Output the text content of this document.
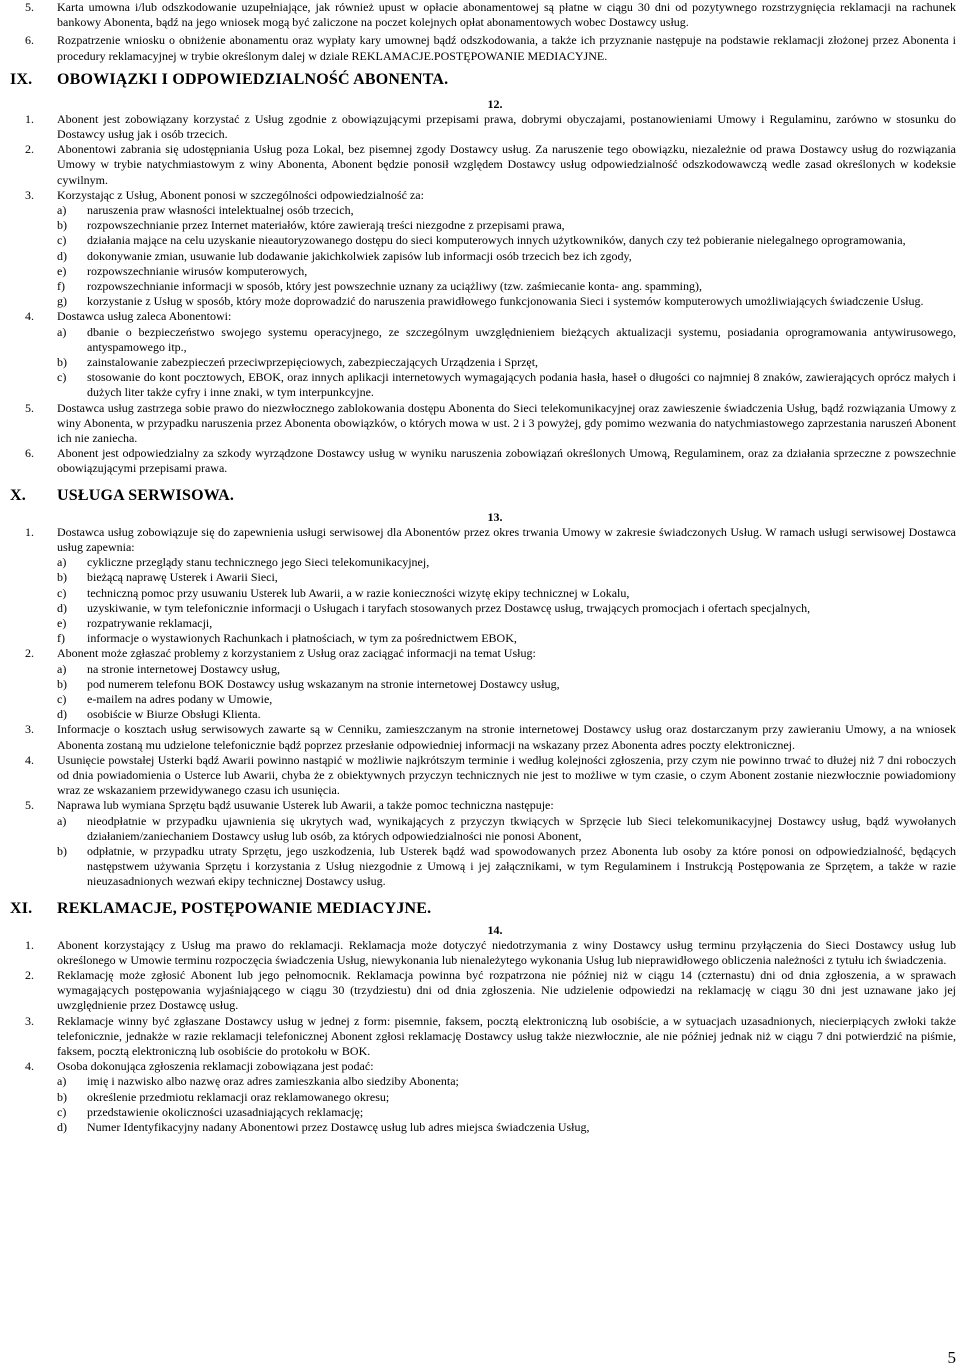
5. Karta umowna i/lub odszkodowanie uzupełniające, jak również upust w opłacie abonamentowej są płatne w ciągu 30 dni od pozytywnego rozstrzygnięcia reklamacji na rachunek bankowy Abonenta, bądź na jego wniosek mogą być zaliczone na poczet kolejnych opłat abonamentowych wobec Dostawcy usług.
6. Rozpatrzenie wniosku o obniżenie abonamentu oraz wypłaty kary umownej bądź odszkodowania, a także ich przyznanie następuje na podstawie reklamacji złożonej przez Abonenta i procedury reklamacyjnej w trybie określonym dalej w dziale REKLAMACJE.POSTĘPOWANIE MEDIACYJNE.
IX. OBOWIĄZKI I ODPOWIEDZIALNOŚĆ ABONENTA.
12.
1. Abonent jest zobowiązany korzystać z Usług zgodnie z obowiązującymi przepisami prawa, dobrymi obyczajami, postanowieniami Umowy i Regulaminu, zarówno w stosunku do Dostawcy usług jak i osób trzecich.
2. Abonentowi zabrania się udostępniania Usług poza Lokal, bez pisemnej zgody Dostawcy usług. Za naruszenie tego obowiązku, niezależnie od prawa Dostawcy usług do rozwiązania Umowy w trybie natychmiastowym z winy Abonenta, Abonent będzie ponosił względem Dostawcy usług odpowiedzialność odszkodowawczą wedle zasad określonych w kodeksie cywilnym.
3. Korzystając z Usług, Abonent ponosi w szczególności odpowiedzialność za:
a) naruszenia praw własności intelektualnej osób trzecich,
b) rozpowszechnianie przez Internet materiałów, które zawierają treści niezgodne z przepisami prawa,
c) działania mające na celu uzyskanie nieautoryzowanego dostępu do sieci komputerowych innych użytkowników, danych czy też pobieranie nielegalnego oprogramowania,
d) dokonywanie zmian, usuwanie lub dodawanie jakichkolwiek zapisów lub informacji osób trzecich bez ich zgody,
e) rozpowszechnianie wirusów komputerowych,
f) rozpowszechnianie informacji w sposób, który jest powszechnie uznany za uciążliwy (tzw. zaśmiecanie konta- ang. spamming),
g) korzystanie z Usług w sposób, który może doprowadzić do naruszenia prawidłowego funkcjonowania Sieci i systemów komputerowych umożliwiających świadczenie Usług.
4. Dostawca usług zaleca Abonentowi:
a) dbanie o bezpieczeństwo swojego systemu operacyjnego, ze szczególnym uwzględnieniem bieżących aktualizacji systemu, posiadania oprogramowania antywirusowego, antyspamowego itp.,
b) zainstalowanie zabezpieczeń przeciwprzepięciowych, zabezpieczających Urządzenia i Sprzęt,
c) stosowanie do kont pocztowych, EBOK, oraz innych aplikacji internetowych wymagających podania hasła, haseł o długości co najmniej 8 znaków, zawierających oprócz małych i dużych liter także cyfry i inne znaki, w tym interpunkcyjne.
5. Dostawca usług zastrzega sobie prawo do niezwłocznego zablokowania dostępu Abonenta do Sieci telekomunikacyjnej oraz zawieszenie świadczenia Usług, bądź rozwiązania Umowy z winy Abonenta, w przypadku naruszenia przez Abonenta obowiązków, o których mowa w ust. 2 i 3 powyżej, gdy pomimo wezwania do natychmiastowego zaprzestania naruszeń Abonent ich nie zaniecha.
6. Abonent jest odpowiedzialny za szkody wyrządzone Dostawcy usług w wyniku naruszenia zobowiązań określonych Umową, Regulaminem, oraz za działania sprzeczne z powszechnie obowiązującymi przepisami prawa.
X. USŁUGA SERWISOWA.
13.
1. Dostawca usług zobowiązuje się do zapewnienia usługi serwisowej dla Abonentów przez okres trwania Umowy w zakresie świadczonych Usług. W ramach usługi serwisowej Dostawca usług zapewnia:
a) cykliczne przeglądy stanu technicznego jego Sieci telekomunikacyjnej,
b) bieżącą naprawę Usterek i Awarii Sieci,
c) techniczną pomoc przy usuwaniu Usterek lub Awarii, a w razie konieczności wizytę ekipy technicznej w Lokalu,
d) uzyskiwanie, w tym telefonicznie informacji o Usługach i taryfach stosowanych przez Dostawcę usług, trwających promocjach i ofertach specjalnych,
e) rozpatrywanie reklamacji,
f) informacje o wystawionych Rachunkach i płatnościach, w tym za pośrednictwem EBOK,
2. Abonent może zgłaszać problemy z korzystaniem z Usług oraz zaciągać informacji na temat Usług:
a) na stronie internetowej Dostawcy usług,
b) pod numerem telefonu BOK Dostawcy usług wskazanym na stronie internetowej Dostawcy usług,
c) e-mailem na adres podany w Umowie,
d) osobiście w Biurze Obsługi Klienta.
3. Informacje o kosztach usług serwisowych zawarte są w Cenniku, zamieszczanym na stronie internetowej Dostawcy usług oraz dostarczanym przy zawieraniu Umowy, a na wniosek Abonenta zostaną mu udzielone telefonicznie bądź poprzez przesłanie odpowiedniej informacji na wskazany przez Abonenta adres poczty elektronicznej.
4. Usunięcie powstałej Usterki bądź Awarii powinno nastąpić w możliwie najkrótszym terminie i według kolejności zgłoszenia, przy czym nie powinno trwać to dłużej niż 7 dni roboczych od dnia powiadomienia o Usterce lub Awarii, chyba że z obiektywnych przyczyn technicznych nie jest to możliwe w tym czasie, o czym Abonent zostanie niezwłocznie powiadomiony wraz ze wskazaniem przewidywanego czasu ich usunięcia.
5. Naprawa lub wymiana Sprzętu bądź usuwanie Usterek lub Awarii, a także pomoc techniczna następuje:
a) nieodpłatnie w przypadku ujawnienia się ukrytych wad, wynikających z przyczyn tkwiących w Sprzęcie lub Sieci telekomunikacyjnej Dostawcy usług, bądź wywołanych działaniem/zaniechaniem Dostawcy usług lub osób, za których odpowiedzialności nie ponosi Abonent,
b) odpłatnie, w przypadku utraty Sprzętu, jego uszkodzenia, lub Usterek bądź wad spowodowanych przez Abonenta lub osoby za które ponosi on odpowiedzialność, będących następstwem używania Sprzętu i korzystania z Usług niezgodnie z Umową i jej załącznikami, w tym Regulaminem i Instrukcją Postępowania ze Sprzętem, a także w razie nieuzasadnionych wezwań ekipy technicznej Dostawcy usług.
XI. REKLAMACJE, POSTĘPOWANIE MEDIACYJNE.
14.
1. Abonent korzystający z Usług ma prawo do reklamacji. Reklamacja może dotyczyć niedotrzymania z winy Dostawcy usług terminu przyłączenia do Sieci Dostawcy usług lub określonego w Umowie terminu rozpoczęcia świadczenia Usług, niewykonania lub nienależytego wykonania Usług lub nieprawidłowego obliczenia należności z tytułu ich świadczenia.
2. Reklamację może zgłosić Abonent lub jego pełnomocnik. Reklamacja powinna być rozpatrzona nie później niż w ciągu 14 (czternastu) dni od dnia zgłoszenia, a w sprawach wymagających postępowania wyjaśniającego w ciągu 30 (trzydziestu) dni od dnia zgłoszenia. Nie udzielenie odpowiedzi na reklamację w ciągu 30 dni jest uznawane jako jej uwzględnienie przez Dostawcę usług.
3. Reklamacje winny być zgłaszane Dostawcy usług w jednej z form: pisemnie, faksem, pocztą elektroniczną lub osobiście, a w sytuacjach uzasadnionych, niecierpiących zwłoki także telefonicznie, jednakże w razie reklamacji telefonicznej Abonent zgłosi reklamację Dostawcy usług także niezwłocznie, ale nie później jednak niż w ciągu 7 dni potwierdzić na piśmie, faksem, pocztą elektroniczną lub osobiście do protokołu w BOK.
4. Osoba dokonująca zgłoszenia reklamacji zobowiązana jest podać:
a) imię i nazwisko albo nazwę oraz adres zamieszkania albo siedziby Abonenta;
b) określenie przedmiotu reklamacji oraz reklamowanego okresu;
c) przedstawienie okoliczności uzasadniających reklamację;
d) Numer Identyfikacyjny nadany Abonentowi przez Dostawcę usług lub adres miejsca świadczenia Usług,
5
